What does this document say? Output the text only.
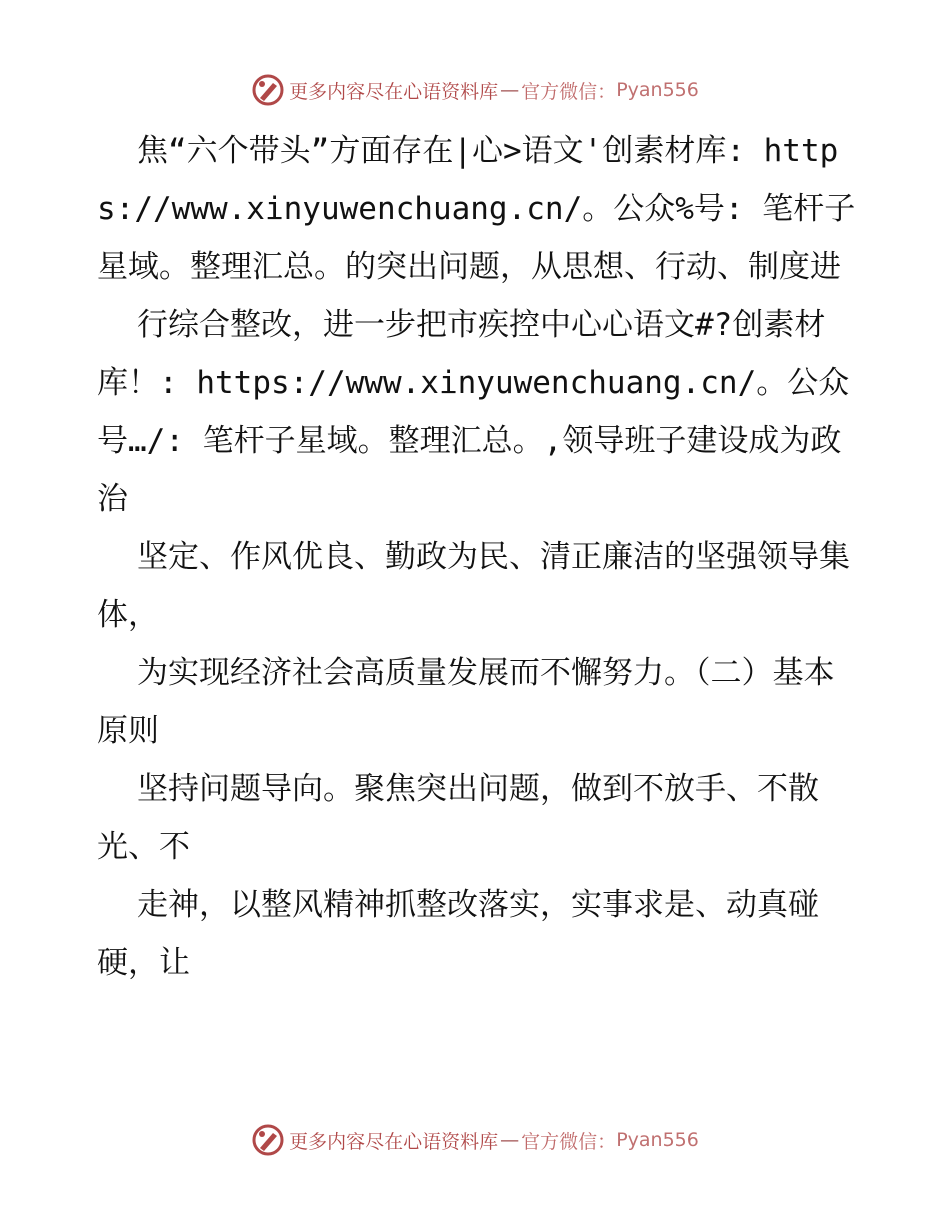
更多内容尽在心语资料库 — 官方微信： Pyan556

焦“六个带头”方面存在|心>语文'创素材库: https://www.xinyuwenchuang.cn/。公众%号: 笔杆子星域。整理汇总。的突出问题，从思想、行动、制度进

行综合整改，进一步把市疾控中心心语文#?创素材库！: https://www.xinyuwenchuang.cn/。公众号…/: 笔杆子星域。整理汇总。,领导班子建设成为政治

坚定、作风优良、勤政为民、清正廉洁的坚强领导集体，

为实现经济社会高质量发展而不懈努力。（二）基本原则

坚持问题导向。聚焦突出问题，做到不放手、不散光、不

走神，以整风精神抓整改落实，实事求是、动真碰硬，让

更多内容尽在心语资料库 — 官方微信： Pyan556
